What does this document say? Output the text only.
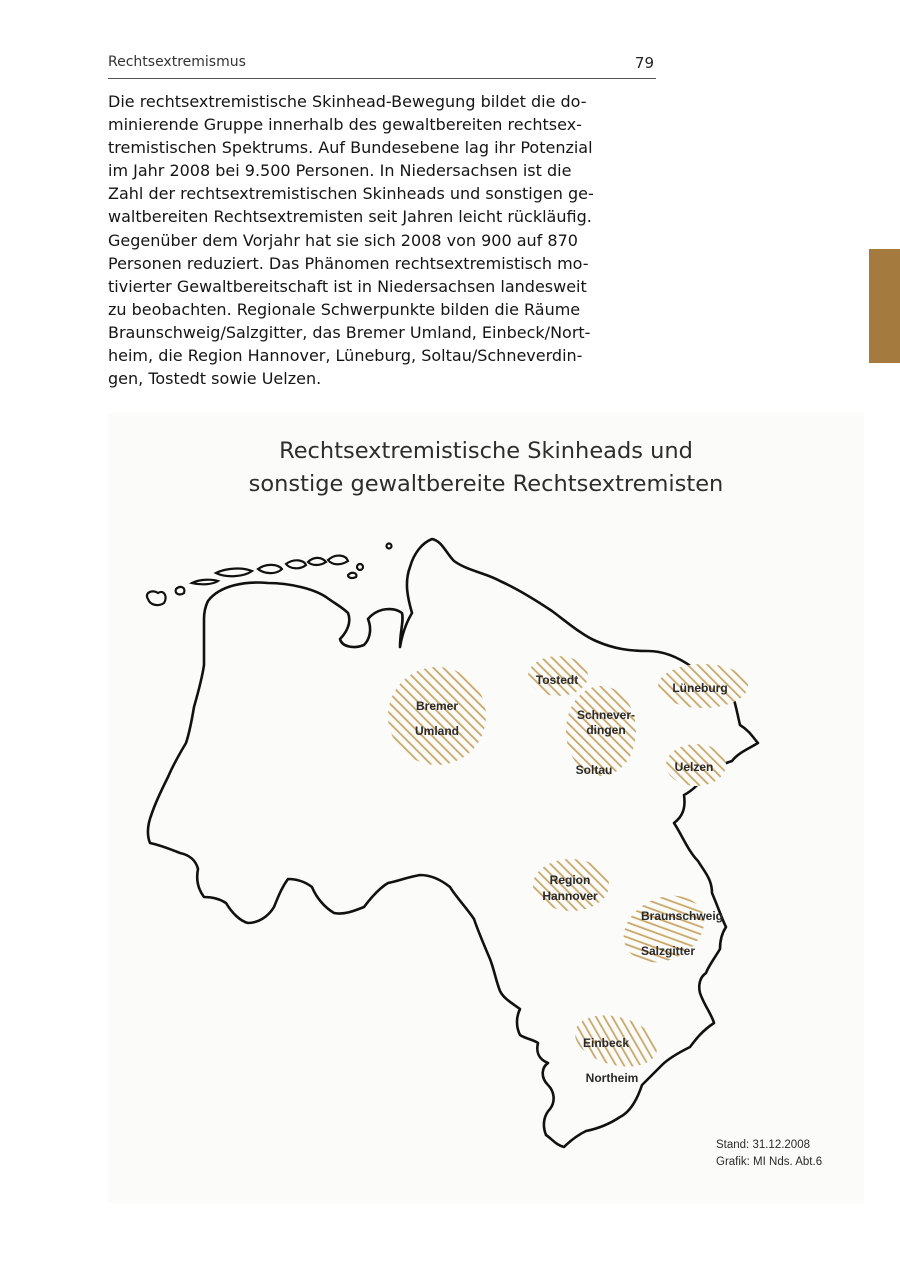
Rechtsextremismus	79

Die rechtsextremistische Skinhead-Bewegung bildet die do-
minierende Gruppe innerhalb des gewaltbereiten rechtsex-
tremistischen Spektrums. Auf Bundesebene lag ihr Potenzial
im Jahr 2008 bei 9.500 Personen. In Niedersachsen ist die
Zahl der rechtsextremistischen Skinheads und sonstigen ge-
waltbereiten Rechtsextremisten seit Jahren leicht rückläufig.
Gegenüber dem Vorjahr hat sie sich 2008 von 900 auf 870
Personen reduziert. Das Phänomen rechtsextremistisch mo-
tivierter Gewaltbereitschaft ist in Niedersachsen landesweit
zu beobachten. Regionale Schwerpunkte bilden die Räume
Braunschweig/Salzgitter, das Bremer Umland, Einbeck/Nort-
heim, die Region Hannover, Lüneburg, Soltau/Schneverdin-
gen, Tostedt sowie Uelzen.

Rechtsextremistische Skinheads und
sonstige gewaltbereite Rechtsextremisten
Bremer
Umland
Tostedt
Schnever-
dingen
Soltau
Lüneburg
Uelzen
Region
Hannover
Braunschweig
Salzgitter
Einbeck
Northeim
Stand: 31.12.2008
Grafik: MI Nds. Abt.6
